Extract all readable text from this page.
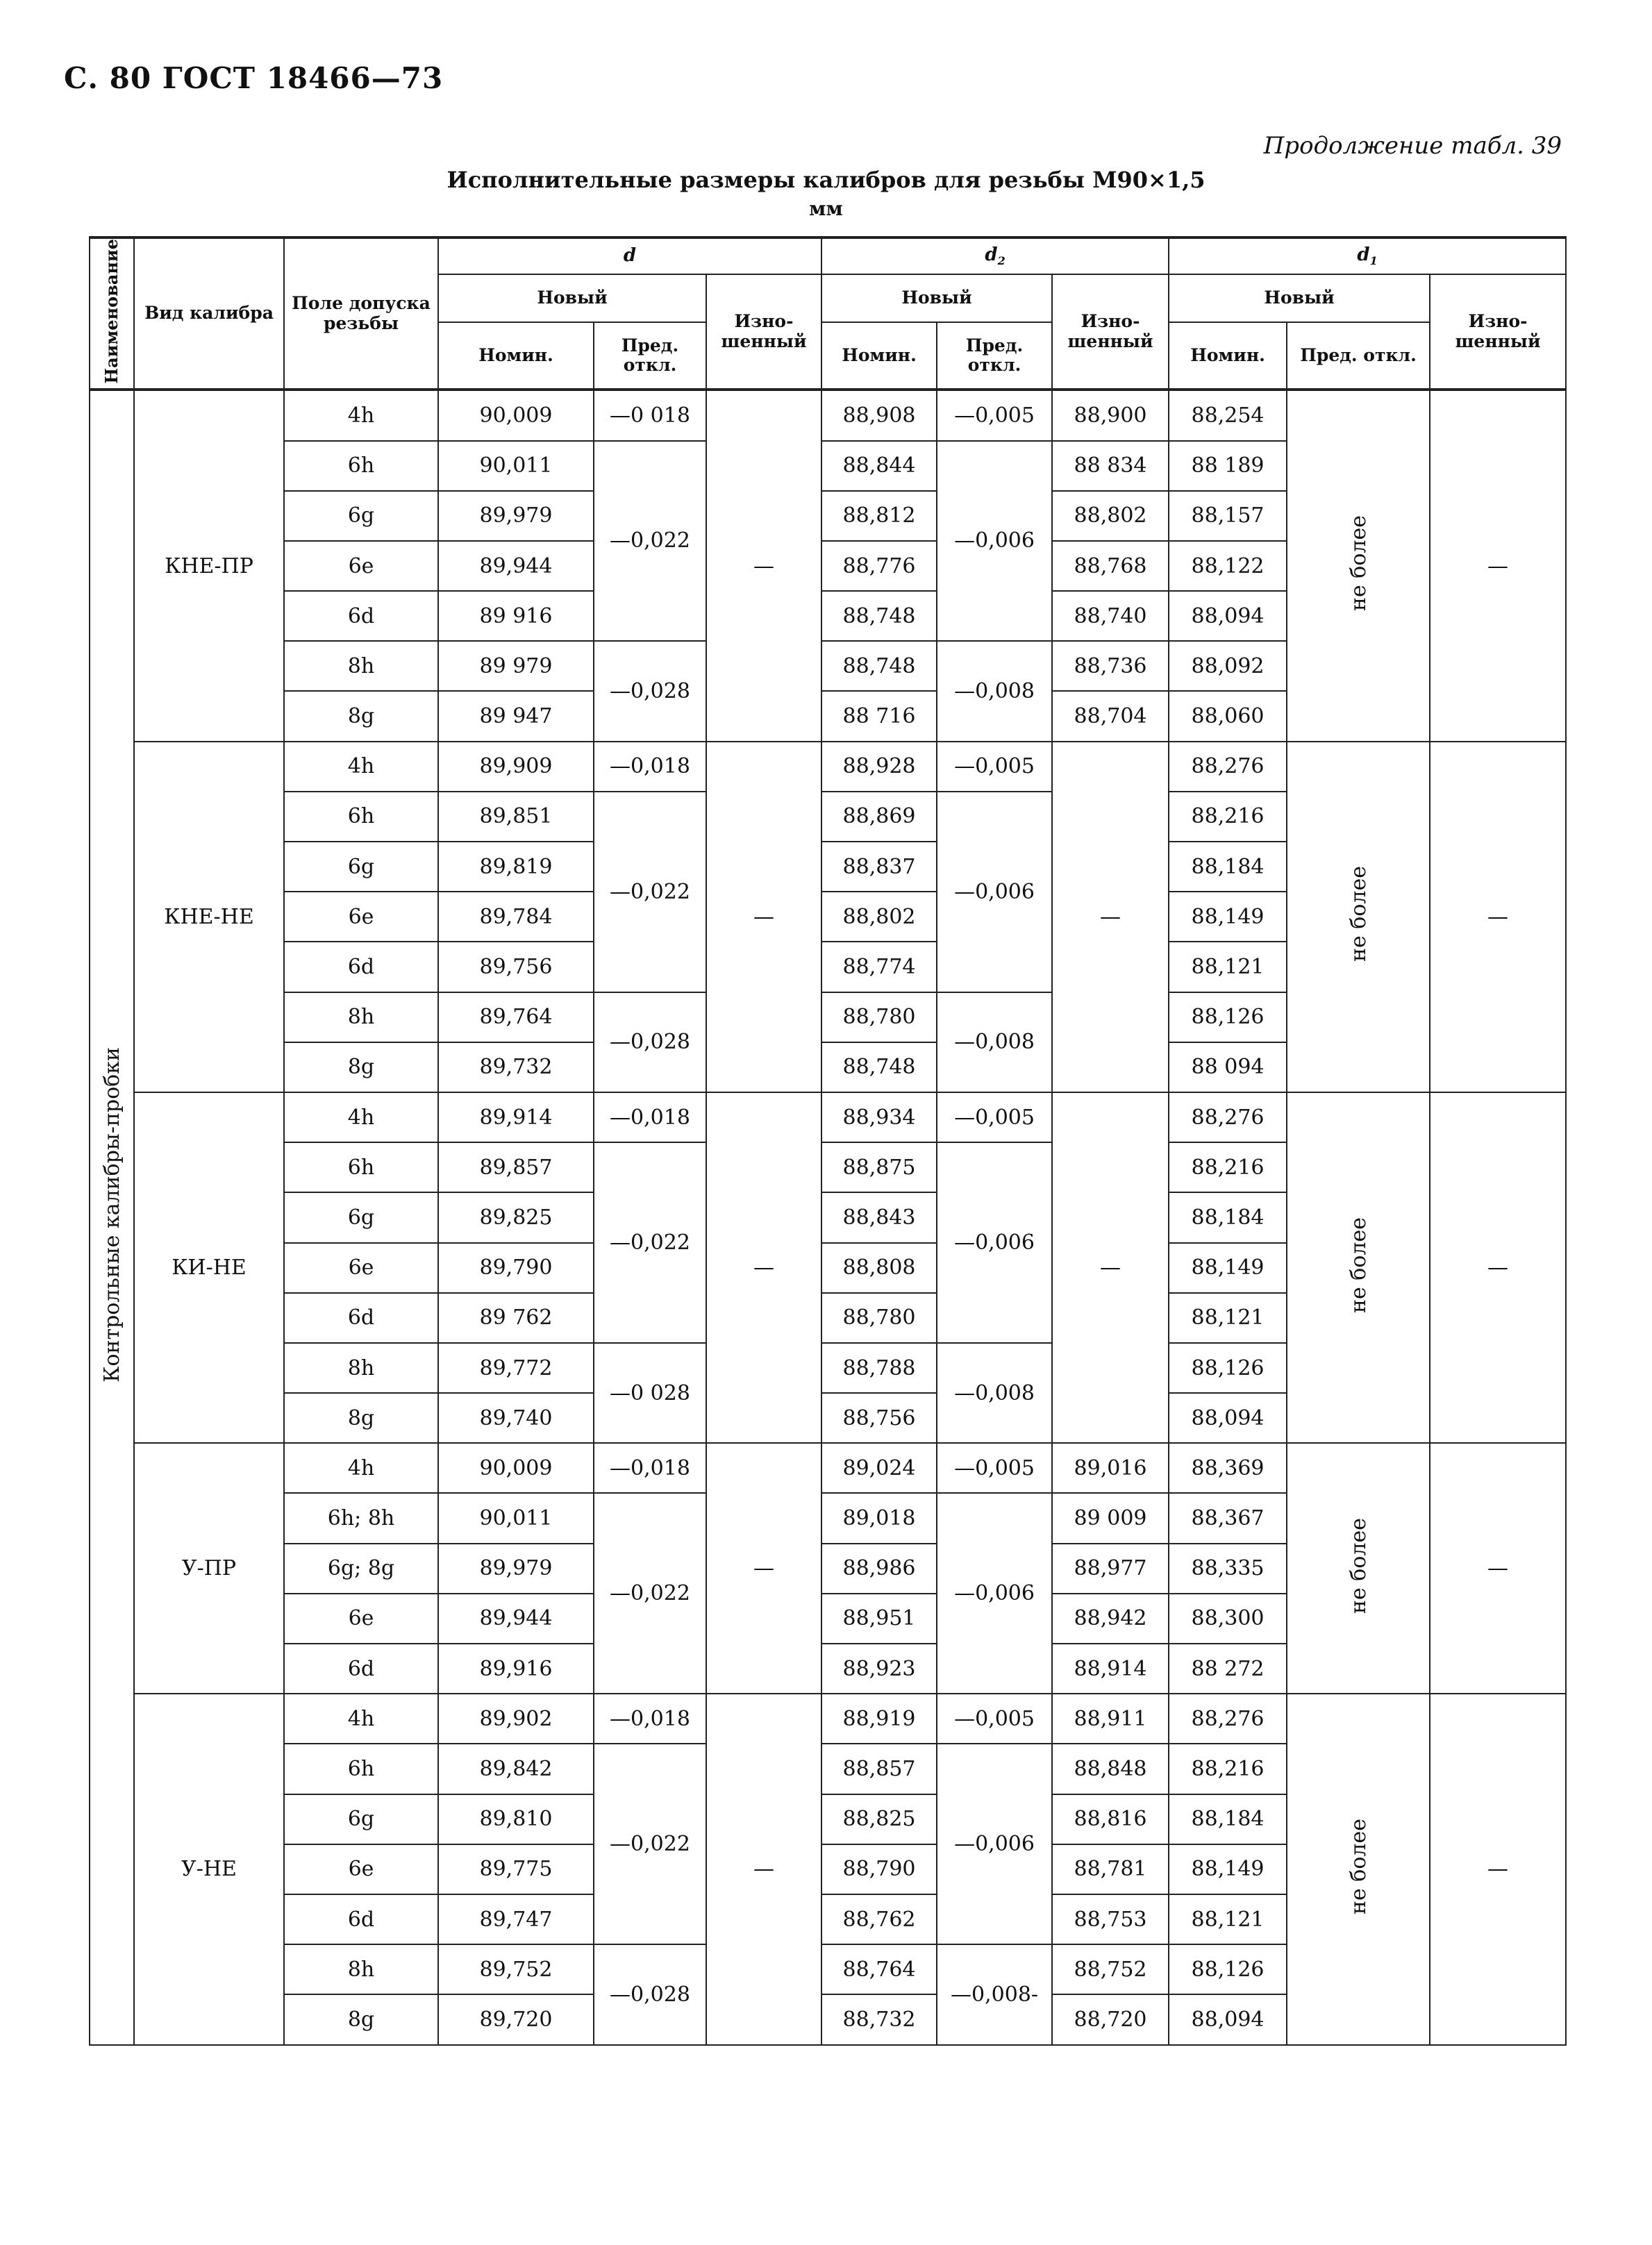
С. 80 ГОСТ 18466—73
Продолжение табл. 39
Исполнительные размеры калибров для резьбы M90×1,5
мм
Наименование	Вид калибра	Поле допуска резьбы	d			$d_2$			$d_1$
			Новый		Изно-шенный	Новый		Изно-шенный	Новый		Изно-шенный
			Номин.	Пред. откл.		Номин.	Пред. откл.		Номин.	Пред. откл.	
Контрольные калибры-пробки	КНЕ-ПР	4h	90,009	—0 018	—	88,908	—0,005	88,900	88,254	не более	—
		6h	90,011	—0,022		88,844	—0,006	88 834	88 189		
		6g	89,979			88,812		88,802	88,157		
		6e	89,944			88,776		88,768	88,122		
		6d	89 916			88,748		88,740	88,094		
		8h	89 979	—0,028		88,748	—0,008	88,736	88,092		
		8g	89 947			88 716		88,704	88,060		
	КНЕ-НЕ	4h	89,909	—0,018	—	88,928	—0,005	—	88,276	не более	—
		6h	89,851	—0,022		88,869	—0,006		88,216		
		6g	89,819			88,837			88,184		
		6e	89,784			88,802			88,149		
		6d	89,756			88,774			88,121		
		8h	89,764	—0,028		88,780	—0,008		88,126		
		8g	89,732			88,748			88 094		
	КИ-НЕ	4h	89,914	—0,018	—	88,934	—0,005	—	88,276	не более	—
		6h	89,857	—0,022		88,875	—0,006		88,216		
		6g	89,825			88,843			88,184		
		6e	89,790			88,808			88,149		
		6d	89 762			88,780			88,121		
		8h	89,772	—0 028		88,788	—0,008		88,126		
		8g	89,740			88,756			88,094		
	У-ПР	4h	90,009	—0,018	—	89,024	—0,005	89,016	88,369	не более	—
		6h; 8h	90,011	—0,022		89,018	—0,006	89 009	88,367		
		6g; 8g	89,979			88,986		88,977	88,335		
		6e	89,944			88,951		88,942	88,300		
		6d	89,916			88,923		88,914	88 272		
	У-НЕ	4h	89,902	—0,018	—	88,919	—0,005	88,911	88,276	не более	—
		6h	89,842	—0,022		88,857	—0,006	88,848	88,216		
		6g	89,810			88,825		88,816	88,184		
		6e	89,775			88,790		88,781	88,149		
		6d	89,747			88,762		88,753	88,121		
		8h	89,752	—0,028		88,764	—0,008-	88,752	88,126		
		8g	89,720			88,732		88,720	88,094		
